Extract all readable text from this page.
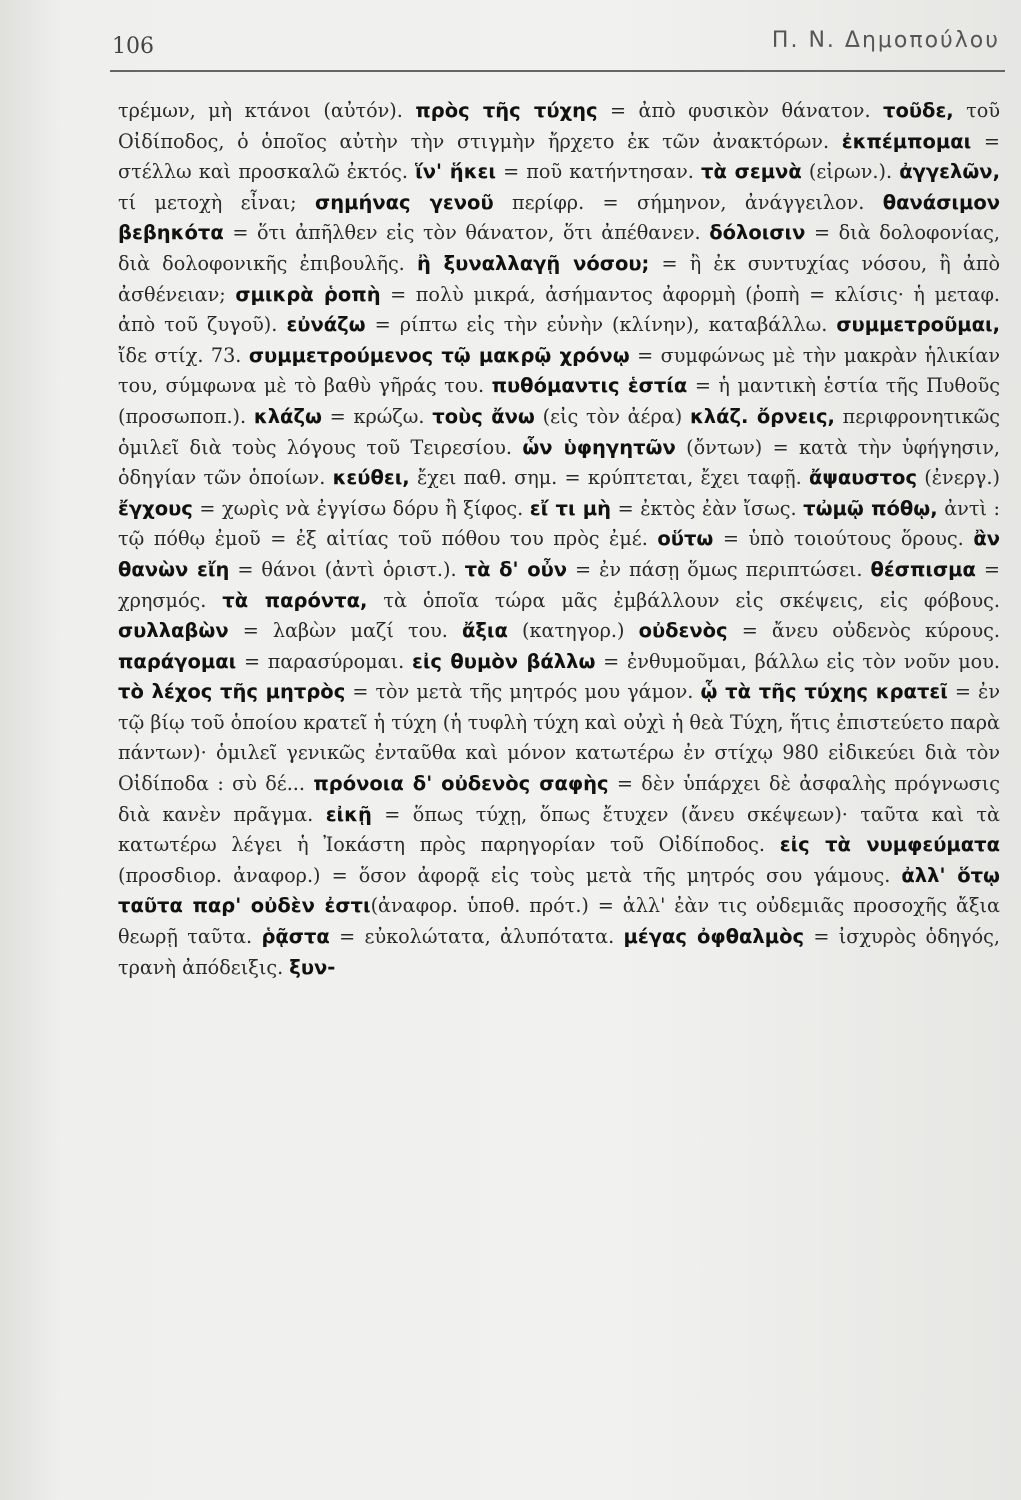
106	Π. Ν. Δημοπούλου
τρέμων, μὴ κτάνοι (αὐτόν). πρὸς τῆς τύχης = ἀπὸ φυσικὸν θάνατον. τοῦδε, τοῦ Οἰδίποδος, ὁ ὁποῖος αὐτὴν τὴν στιγμὴν ἤρχετο ἐκ τῶν ἀνακτόρων. ἐκπέμπομαι = στέλλω καὶ προσκαλῶ ἐκτός. ἵν' ἥκει = ποῦ κατήντησαν. τὰ σεμνὰ (εἰρων.). ἀγγελῶν, τί μετοχὴ εἶναι; σημήνας γενοῦ περίφρ. = σήμηνον, ἀνάγγειλον. θανάσιμον βεβηκότα = ὅτι ἀπῆλθεν εἰς τὸν θάνατον, ὅτι ἀπέθανεν. δόλοισιν = διὰ δολοφονίας, διὰ δολοφονικῆς ἐπιβουλῆς. ἢ ξυναλλαγῇ νόσου; = ἢ ἐκ συντυχίας νόσου, ἢ ἀπὸ ἀσθένειαν; σμικρὰ ῥοπὴ = πολὺ μικρά, ἀσήμαντος ἀφορμὴ (ῥοπὴ = κλίσις· ἡ μεταφ. ἀπὸ τοῦ ζυγοῦ). εὐνάζω = ρίπτω εἰς τὴν εὐνὴν (κλίνην), καταβάλλω. συμμετροῦμαι, ἴδε στίχ. 73. συμμετρούμενος τῷ μακρῷ χρόνῳ = συμφώνως μὲ τὴν μακρὰν ἡλικίαν του, σύμφωνα μὲ τὸ βαθὺ γῆράς του. πυθόμαντις ἑστία = ἡ μαντικὴ ἑστία τῆς Πυθοῦς (προσωποπ.). κλάζω = κρώζω. τοὺς ἄνω (εἰς τὸν ἀέρα) κλάζ. ὄρνεις, περιφρονητικῶς ὁμιλεῖ διὰ τοὺς λόγους τοῦ Τειρεσίου. ὧν ὑφηγητῶν (ὄντων) = κατὰ τὴν ὑφήγησιν, ὁδηγίαν τῶν ὁποίων. κεύθει, ἔχει παθ. σημ. = κρύπτεται, ἔχει ταφῇ. ἄψαυστος (ἐνεργ.) ἔγχους = χωρὶς νὰ ἐγγίσω δόρυ ἢ ξίφος. εἴ τι μὴ = ἐκτὸς ἐὰν ἴσως. τὠμῷ πόθῳ, ἀντὶ : τῷ πόθῳ ἐμοῦ = ἐξ αἰτίας τοῦ πόθου του πρὸς ἐμέ. οὕτω = ὑπὸ τοιούτους ὅρους. ἂν θανὼν εἴη = θάνοι (ἀντὶ ὁριστ.). τὰ δ' οὖν = ἐν πάσῃ ὅμως περιπτώσει. θέσπισμα = χρησμός. τὰ παρόντα, τὰ ὁποῖα τώρα μᾶς ἐμβάλλουν εἰς σκέψεις, εἰς φόβους. συλλαβὼν = λαβὼν μαζί του. ἄξια (κατηγορ.) οὐδενὸς = ἄνευ οὐδενὸς κύρους. παράγομαι = παρασύρομαι. εἰς θυμὸν βάλλω = ἐνθυμοῦμαι, βάλλω εἰς τὸν νοῦν μου. τὸ λέχος τῆς μητρὸς = τὸν μετὰ τῆς μητρός μου γάμον. ᾧ τὰ τῆς τύχης κρατεῖ = ἐν τῷ βίῳ τοῦ ὁποίου κρατεῖ ἡ τύχη (ἡ τυφλὴ τύχη καὶ οὐχὶ ἡ θεὰ Τύχη, ἥτις ἐπιστεύετο παρὰ πάντων)· ὁμιλεῖ γενικῶς ἐνταῦθα καὶ μόνον κατωτέρω ἐν στίχῳ 980 εἰδικεύει διὰ τὸν Οἰδίποδα : σὺ δέ... πρόνοια δ' οὐδενὸς σαφὴς = δὲν ὑπάρχει δὲ ἀσφαλὴς πρόγνωσις διὰ κανὲν πρᾶγμα. εἰκῇ = ὅπως τύχῃ, ὅπως ἔτυχεν (ἄνευ σκέψεων)· ταῦτα καὶ τὰ κατωτέρω λέγει ἡ Ἰοκάστη πρὸς παρηγορίαν τοῦ Οἰδίποδος. εἰς τὰ νυμφεύματα (προσδιορ. ἀναφορ.) = ὅσον ἀφορᾷ εἰς τοὺς μετὰ τῆς μητρός σου γάμους. ἀλλ' ὅτῳ ταῦτα παρ' οὐδὲν ἐστι(ἀναφορ. ὑποθ. πρότ.) = ἀλλ' ἐὰν τις οὐδεμιᾶς προσοχῆς ἄξια θεωρῇ ταῦτα. ῥᾷστα = εὐκολώτατα, ἀλυπότατα. μέγας ὀφθαλμὸς = ἰσχυρὸς ὁδηγός, τρανὴ ἀπόδειξις. ξυν-
